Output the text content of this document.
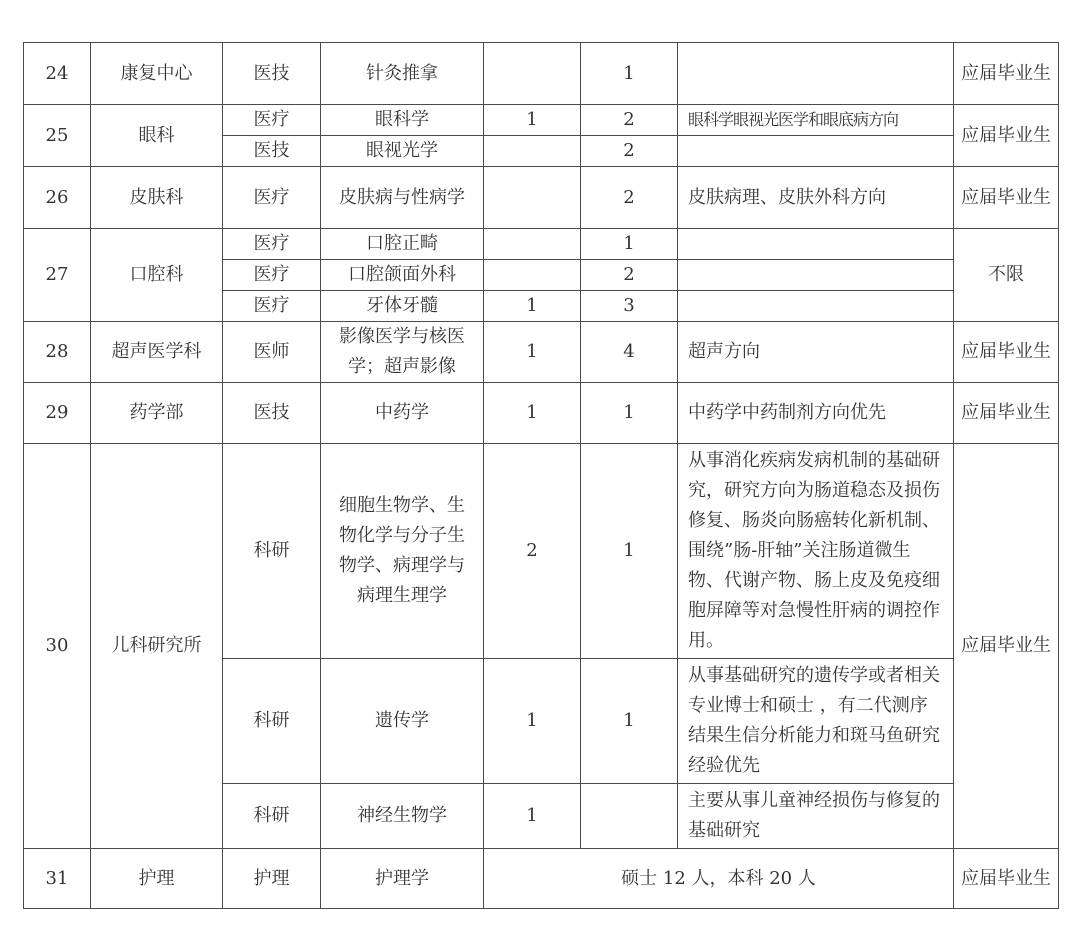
24	康复中心	医技	针灸推拿		1		应届毕业生
25	眼科	医疗	眼科学	1	2	眼科学眼视光医学和眼底病方向	应届毕业生
		医技	眼视光学		2		
26	皮肤科	医疗	皮肤病与性病学		2	皮肤病理、皮肤外科方向	应届毕业生
27	口腔科	医疗	口腔正畸		1		不限
		医疗	口腔颌面外科		2		
		医疗	牙体牙髓	1	3		
28	超声医学科	医师	影像医学与核医学；超声影像	1	4	超声方向	应届毕业生
29	药学部	医技	中药学	1	1	中药学中药制剂方向优先	应届毕业生
30	儿科研究所	科研	细胞生物学、生物化学与分子生物学、病理学与病理生理学	2	1	从事消化疾病发病机制的基础研究，研究方向为肠道稳态及损伤修复、肠炎向肠癌转化新机制、围绕”肠-肝轴”关注肠道微生物、代谢产物、肠上皮及免疫细胞屏障等对急慢性肝病的调控作用。	应届毕业生
		科研	遗传学	1	1	从事基础研究的遗传学或者相关专业博士和硕士 ，有二代测序结果生信分析能力和斑马鱼研究经验优先	
		科研	神经生物学	1		主要从事儿童神经损伤与修复的基础研究	
31	护理	护理	护理学	硕士 12 人，本科 20 人			应届毕业生
